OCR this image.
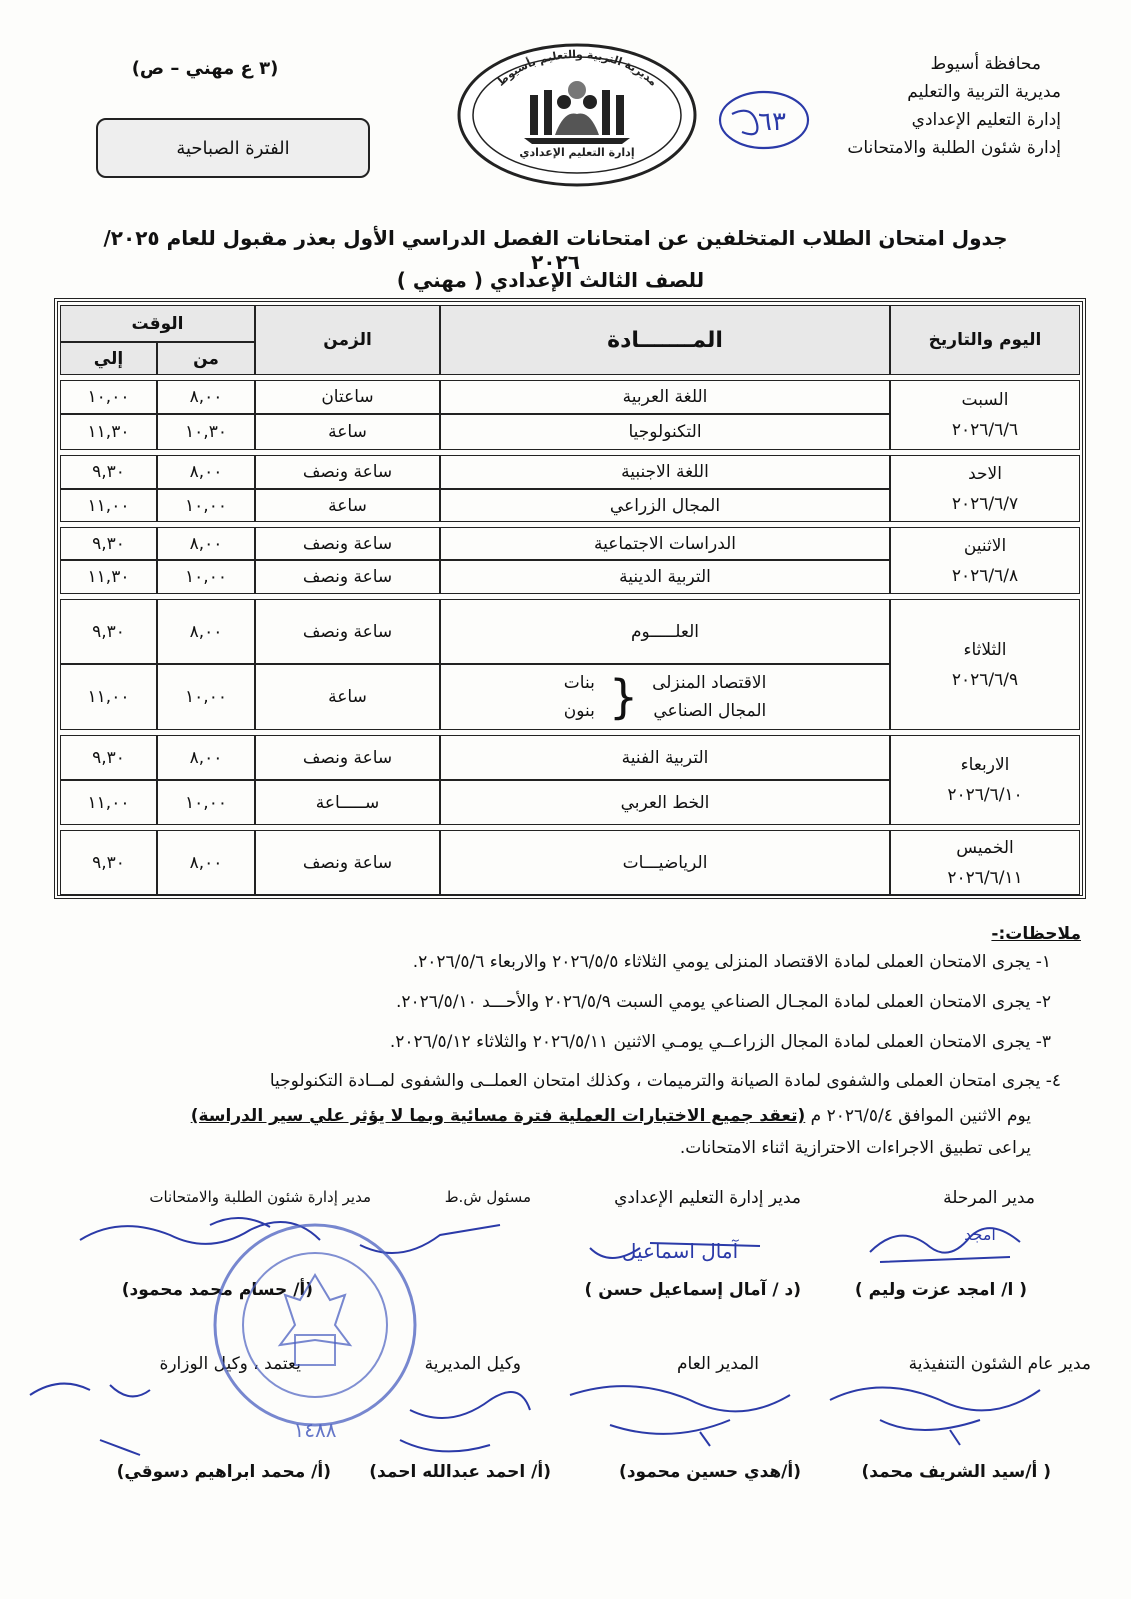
محافظة أسيوط
مديرية التربية والتعليم
إدارة التعليم الإعدادي
إدارة شئون الطلبة والامتحانات
٦٣
مديرية التربية والتعليم بأسيوط
إدارة التعليم الإعدادي
(٣ ع مهني – ص)
الفترة الصباحية
جدول امتحان الطلاب المتخلفين عن امتحانات الفصل الدراسي الأول بعذر مقبول للعام ٢٠٢٥/ ٢٠٢٦
للصف الثالث الإعدادي ( مهني )
اليوم والتاريخ
المـــــــادة
الزمن
الوقت
من
إلي
اللغة العربية
ساعتان
٨,٠٠
١٠,٠٠
التكنولوجيا
ساعة
١٠,٣٠
١١,٣٠
اللغة الاجنبية
ساعة ونصف
٨,٠٠
٩,٣٠
المجال الزراعي
ساعة
١٠,٠٠
١١,٠٠
الدراسات الاجتماعية
ساعة ونصف
٨,٠٠
٩,٣٠
التربية الدينية
ساعة ونصف
١٠,٠٠
١١,٣٠
العلـــــوم
ساعة ونصف
٨,٠٠
٩,٣٠
الاقتصاد المنزلى
المجال الصناعي
{
بنات
بنون
ساعة
١٠,٠٠
١١,٠٠
التربية الفنية
ساعة ونصف
٨,٠٠
٩,٣٠
الخط العربي
ســـــاعة
١٠,٠٠
١١,٠٠
الرياضيـــات
ساعة ونصف
٨,٠٠
٩,٣٠
السبت
٢٠٢٦/٦/٦
الاحد
٢٠٢٦/٦/٧
الاثنين
٢٠٢٦/٦/٨
الثلاثاء
٢٠٢٦/٦/٩
الاربعاء
٢٠٢٦/٦/١٠
الخميس
٢٠٢٦/٦/١١
ملاحظات:-
١- يجرى الامتحان العملى لمادة الاقتصاد المنزلى يومي الثلاثاء ٢٠٢٦/٥/٥ والاربعاء ٢٠٢٦/٥/٦.
٢- يجرى الامتحان العملى لمادة المجـال الصناعي يومي السبت ٢٠٢٦/٥/٩ والأحـــد ٢٠٢٦/٥/١٠.
٣- يجرى الامتحان العملى لمادة المجال الزراعــي يومـي الاثنين ٢٠٢٦/٥/١١ والثلاثاء ٢٠٢٦/٥/١٢.
٤- يجرى امتحان العملى والشفوى لمادة الصيانة والترميمات ، وكذلك امتحان العملــى والشفوى لمــادة التكنولوجيا
يوم الاثنين الموافق ٢٠٢٦/٥/٤ م (تعقد جميع الاختبارات العملية فترة مسائية وبما لا يؤثر علي سير الدراسة)
يراعى تطبيق الاجراءات الاحترازية اثناء الامتحانات.
مدير المرحلة
مدير إدارة التعليم الإعدادي
مسئول ش.ط
مدير إدارة شئون الطلبة والامتحانات
( ا/ امجد عزت وليم )
(د / آمال إسماعيل حسن )
(أ/ حسام محمد محمود)
مدير عام الشئون التنفيذية
المدير العام
وكيل المديرية
يعتمد ، وكيل الوزارة
( أ/سيد الشريف محمد)
(أ/هدي حسين محمود)
(أ/ احمد عبدالله احمد)
(أ/ محمد ابراهيم دسوقي)
امجد
آمال اسماعيل
١٤٨٨
